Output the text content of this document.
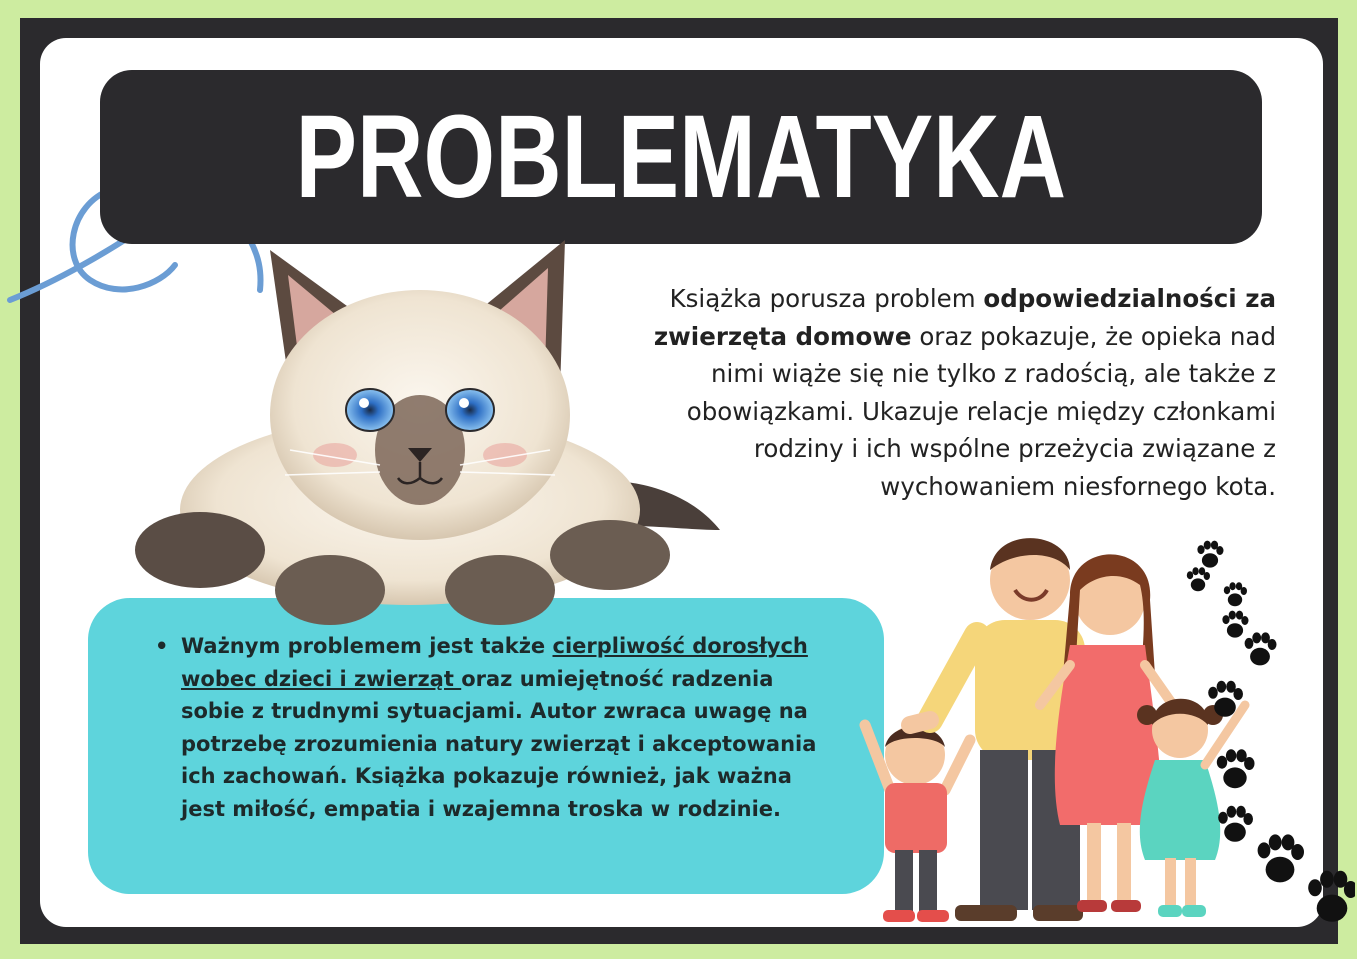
PROBLEMATYKA
Książka porusza problem odpowiedzialności za zwierzęta domowe oraz pokazuje, że opieka nad nimi wiąże się nie tylko z radością, ale także z obowiązkami. Ukazuje relacje między członkami rodziny i ich wspólne przeżycia związane z wychowaniem niesfornego kota.
• Ważnym problemem jest także cierpliwość dorosłych wobec dzieci i zwierząt oraz umiejętność radzenia sobie z trudnymi sytuacjami. Autor zwraca uwagę na potrzebę zrozumienia natury zwierząt i akceptowania ich zachowań. Książka pokazuje również, jak ważna jest miłość, empatia i wzajemna troska w rodzinie.
